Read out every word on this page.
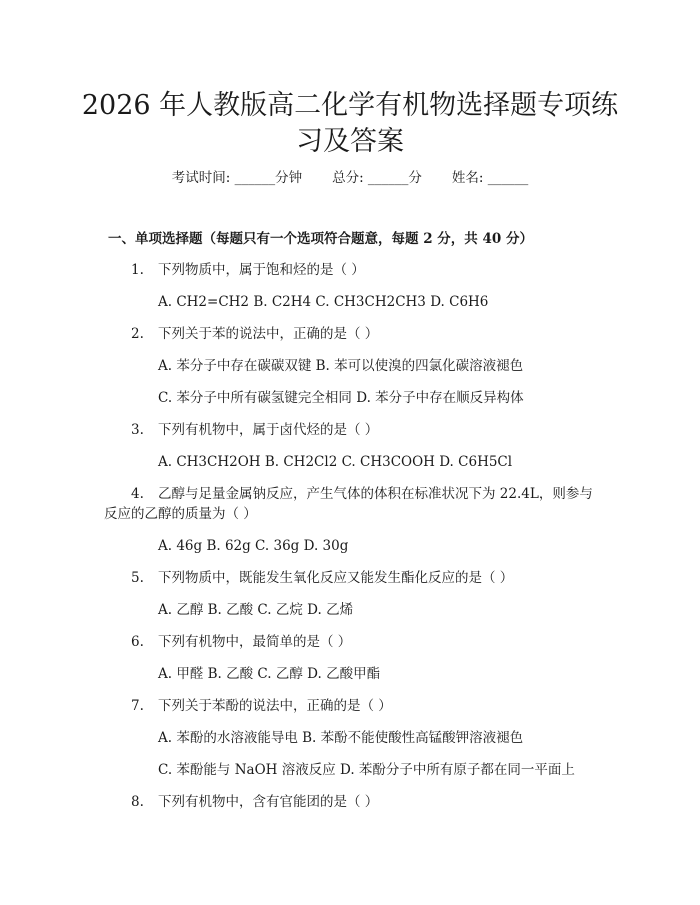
2026 年人教版高二化学有机物选择题专项练
习及答案
考试时间: ______分钟 总分: ______分 姓名: ______
一、单项选择题（每题只有一个选项符合题意，每题 2 分，共 40 分）
1. 下列物质中，属于饱和烃的是（ ）
A. CH2=CH2 B. C2H4 C. CH3CH2CH3 D. C6H6
2. 下列关于苯的说法中，正确的是（ ）
A. 苯分子中存在碳碳双键 B. 苯可以使溴的四氯化碳溶液褪色
C. 苯分子中所有碳氢键完全相同 D. 苯分子中存在顺反异构体
3. 下列有机物中，属于卤代烃的是（ ）
A. CH3CH2OH B. CH2Cl2 C. CH3COOH D. C6H5Cl
4. 乙醇与足量金属钠反应，产生气体的体积在标准状况下为 22.4L，则参与
反应的乙醇的质量为（ ）
A. 46g B. 62g C. 36g D. 30g
5. 下列物质中，既能发生氧化反应又能发生酯化反应的是（ ）
A. 乙醇 B. 乙酸 C. 乙烷 D. 乙烯
6. 下列有机物中，最简单的是（ ）
A. 甲醛 B. 乙酸 C. 乙醇 D. 乙酸甲酯
7. 下列关于苯酚的说法中，正确的是（ ）
A. 苯酚的水溶液能导电 B. 苯酚不能使酸性高锰酸钾溶液褪色
C. 苯酚能与 NaOH 溶液反应 D. 苯酚分子中所有原子都在同一平面上
8. 下列有机物中，含有官能团的是（ ）
